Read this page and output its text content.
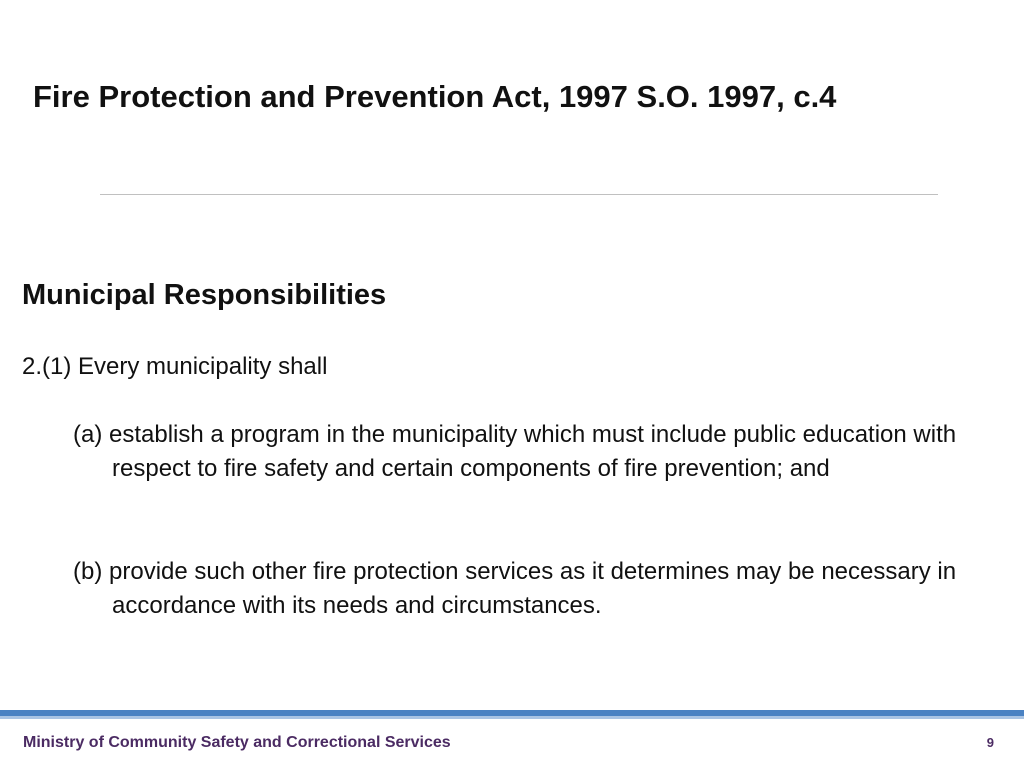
Fire Protection and Prevention Act, 1997 S.O. 1997, c.4
Municipal Responsibilities

2.(1) Every municipality shall

(a) establish a program in the municipality which must include public education with respect to fire safety and certain components of fire prevention; and

(b) provide such other fire protection services as it determines may be necessary in accordance with its needs and circumstances.

Ministry of Community Safety and Correctional Services	9
